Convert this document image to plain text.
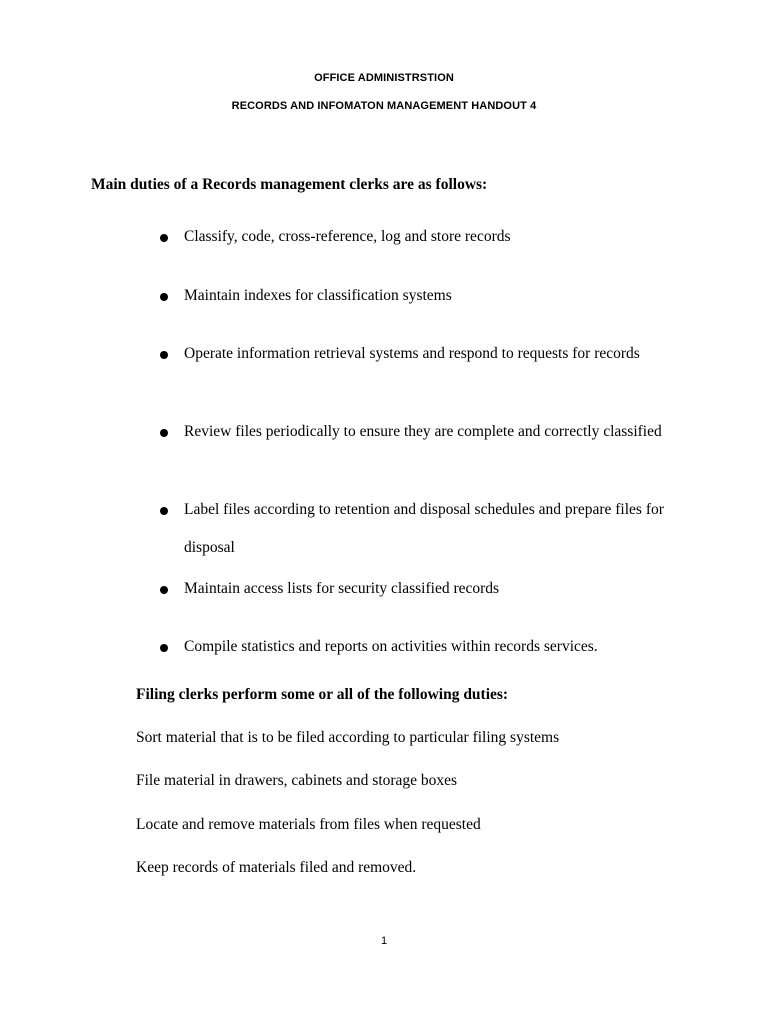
OFFICE ADMINISTRSTION
RECORDS AND INFOMATON MANAGEMENT HANDOUT 4
Main duties of a Records management clerks are as follows:
Classify, code, cross-reference, log and store records
Maintain indexes for classification systems
Operate information retrieval systems and respond to requests for records
Review files periodically to ensure they are complete and correctly classified
Label files according to retention and disposal schedules and prepare files for disposal
Maintain access lists for security classified records
Compile statistics and reports on activities within records services.
Filing clerks perform some or all of the following duties:
Sort material that is to be filed according to particular filing systems
File material in drawers, cabinets and storage boxes
Locate and remove materials from files when requested
Keep records of materials filed and removed.
1
